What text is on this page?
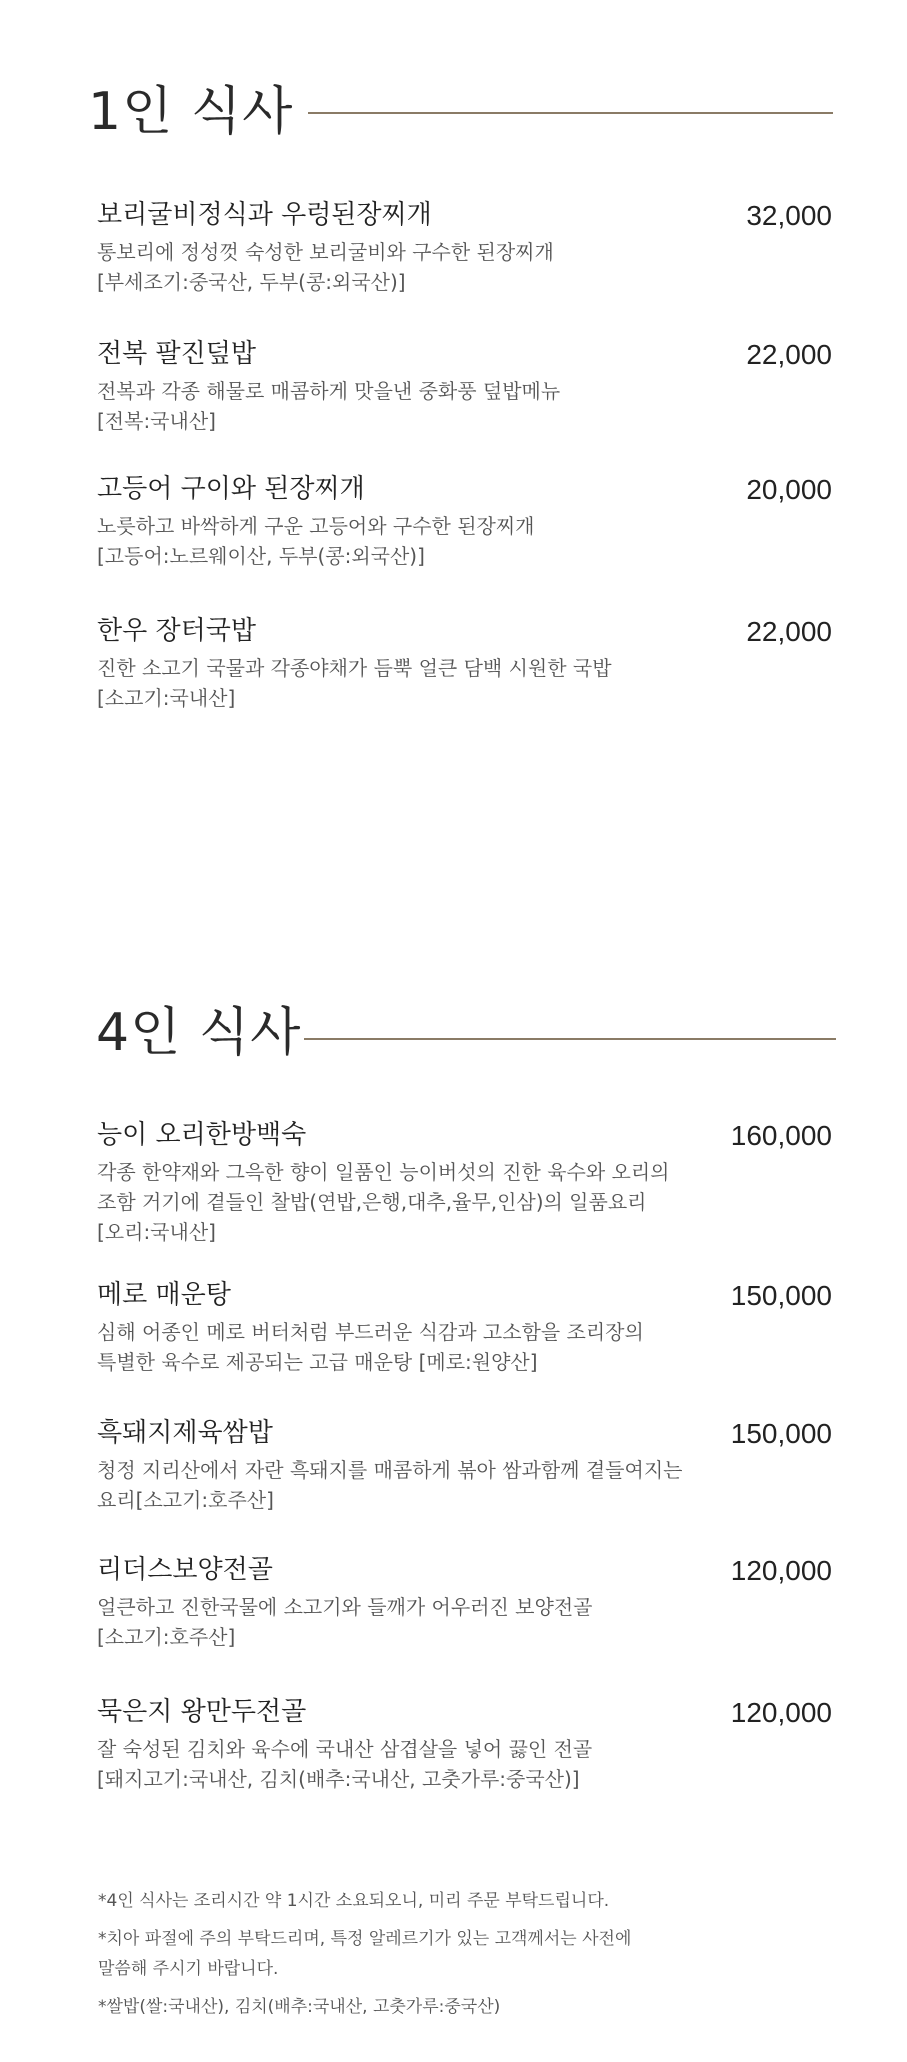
1인 식사
보리굴비정식과 우렁된장찌개	32,000
통보리에 정성껏 숙성한 보리굴비와 구수한 된장찌개
[부세조기:중국산, 두부(콩:외국산)]
전복 팔진덮밥	22,000
전복과 각종 해물로 매콤하게 맛을낸 중화풍 덮밥메뉴
[전복:국내산]
고등어 구이와 된장찌개	20,000
노릇하고 바싹하게 구운 고등어와 구수한 된장찌개
[고등어:노르웨이산, 두부(콩:외국산)]
한우 장터국밥	22,000
진한 소고기 국물과 각종야채가 듬뿍 얼큰 담백 시원한 국밥
[소고기:국내산]
4인 식사
능이 오리한방백숙	160,000
각종 한약재와 그윽한 향이 일품인 능이버섯의 진한 육수와 오리의
조함 거기에 곁들인 찰밥(연밥,은행,대추,율무,인삼)의 일품요리
[오리:국내산]
메로 매운탕	150,000
심해 어종인 메로 버터처럼 부드러운 식감과 고소함을 조리장의
특별한 육수로 제공되는 고급 매운탕 [메로:원양산]
흑돼지제육쌈밥	150,000
청정 지리산에서 자란 흑돼지를 매콤하게 볶아 쌈과함께 곁들여지는
요리[소고기:호주산]
리더스보양전골	120,000
얼큰하고 진한국물에 소고기와 들깨가 어우러진 보양전골
[소고기:호주산]
묵은지 왕만두전골	120,000
잘 숙성된 김치와 육수에 국내산 삼겹살을 넣어 끓인 전골
[돼지고기:국내산, 김치(배추:국내산, 고춧가루:중국산)]
*4인 식사는 조리시간 약 1시간 소요되오니, 미리 주문 부탁드립니다.
*치아 파절에 주의 부탁드리며, 특정 알레르기가 있는 고객께서는 사전에
말씀해 주시기 바랍니다.
*쌀밥(쌀:국내산), 김치(배추:국내산, 고춧가루:중국산)
